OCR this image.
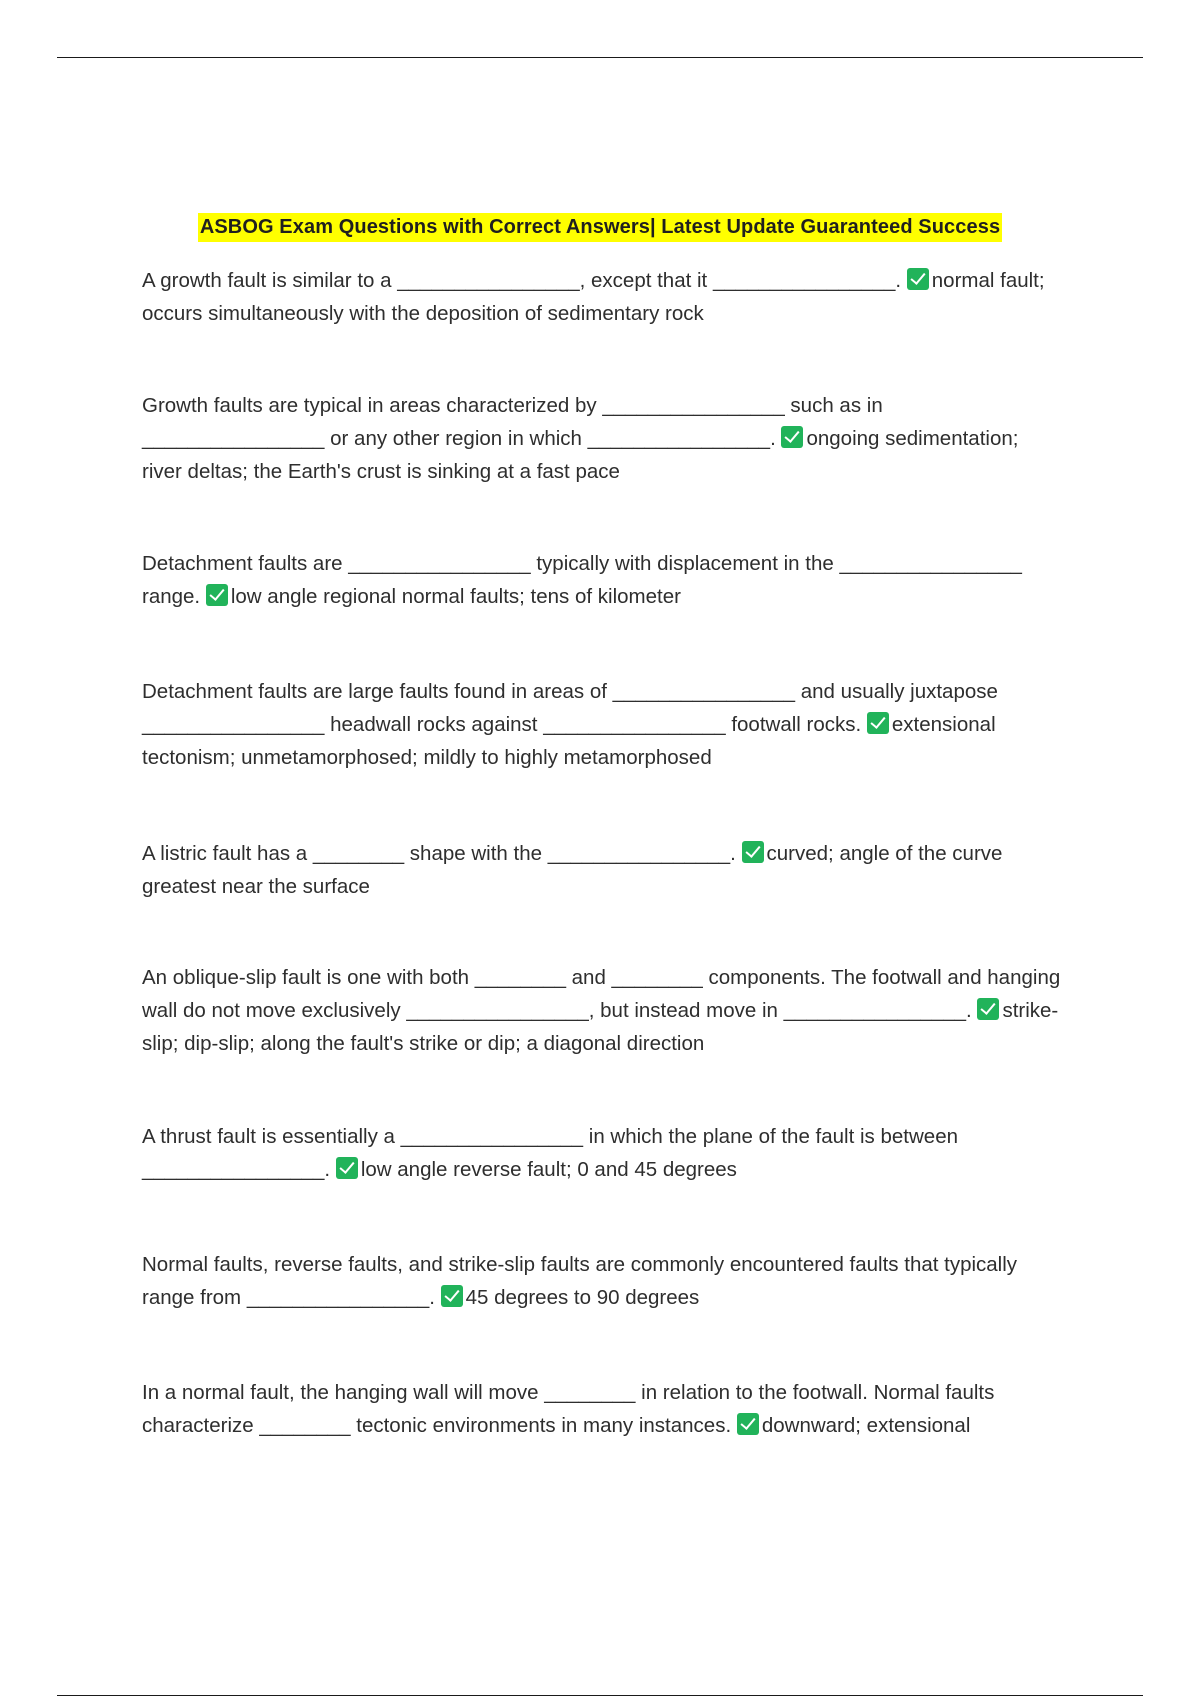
ASBOG Exam Questions with Correct Answers| Latest Update Guaranteed Success

A growth fault is similar to a ________________, except that it ________________. normal fault; occurs simultaneously with the deposition of sedimentary rock

Growth faults are typical in areas characterized by ________________ such as in ________________ or any other region in which ________________. ongoing sedimentation; river deltas; the Earth's crust is sinking at a fast pace

Detachment faults are ________________ typically with displacement in the ________________ range. low angle regional normal faults; tens of kilometer

Detachment faults are large faults found in areas of ________________ and usually juxtapose ________________ headwall rocks against ________________ footwall rocks. extensional tectonism; unmetamorphosed; mildly to highly metamorphosed

A listric fault has a ________ shape with the ________________. curved; angle of the curve greatest near the surface

An oblique-slip fault is one with both ________ and ________ components. The footwall and hanging wall do not move exclusively ________________, but instead move in ________________. strike-slip; dip-slip; along the fault's strike or dip; a diagonal direction

A thrust fault is essentially a ________________ in which the plane of the fault is between ________________. low angle reverse fault; 0 and 45 degrees

Normal faults, reverse faults, and strike-slip faults are commonly encountered faults that typically range from ________________. 45 degrees to 90 degrees

In a normal fault, the hanging wall will move ________ in relation to the footwall. Normal faults characterize ________ tectonic environments in many instances. downward; extensional
